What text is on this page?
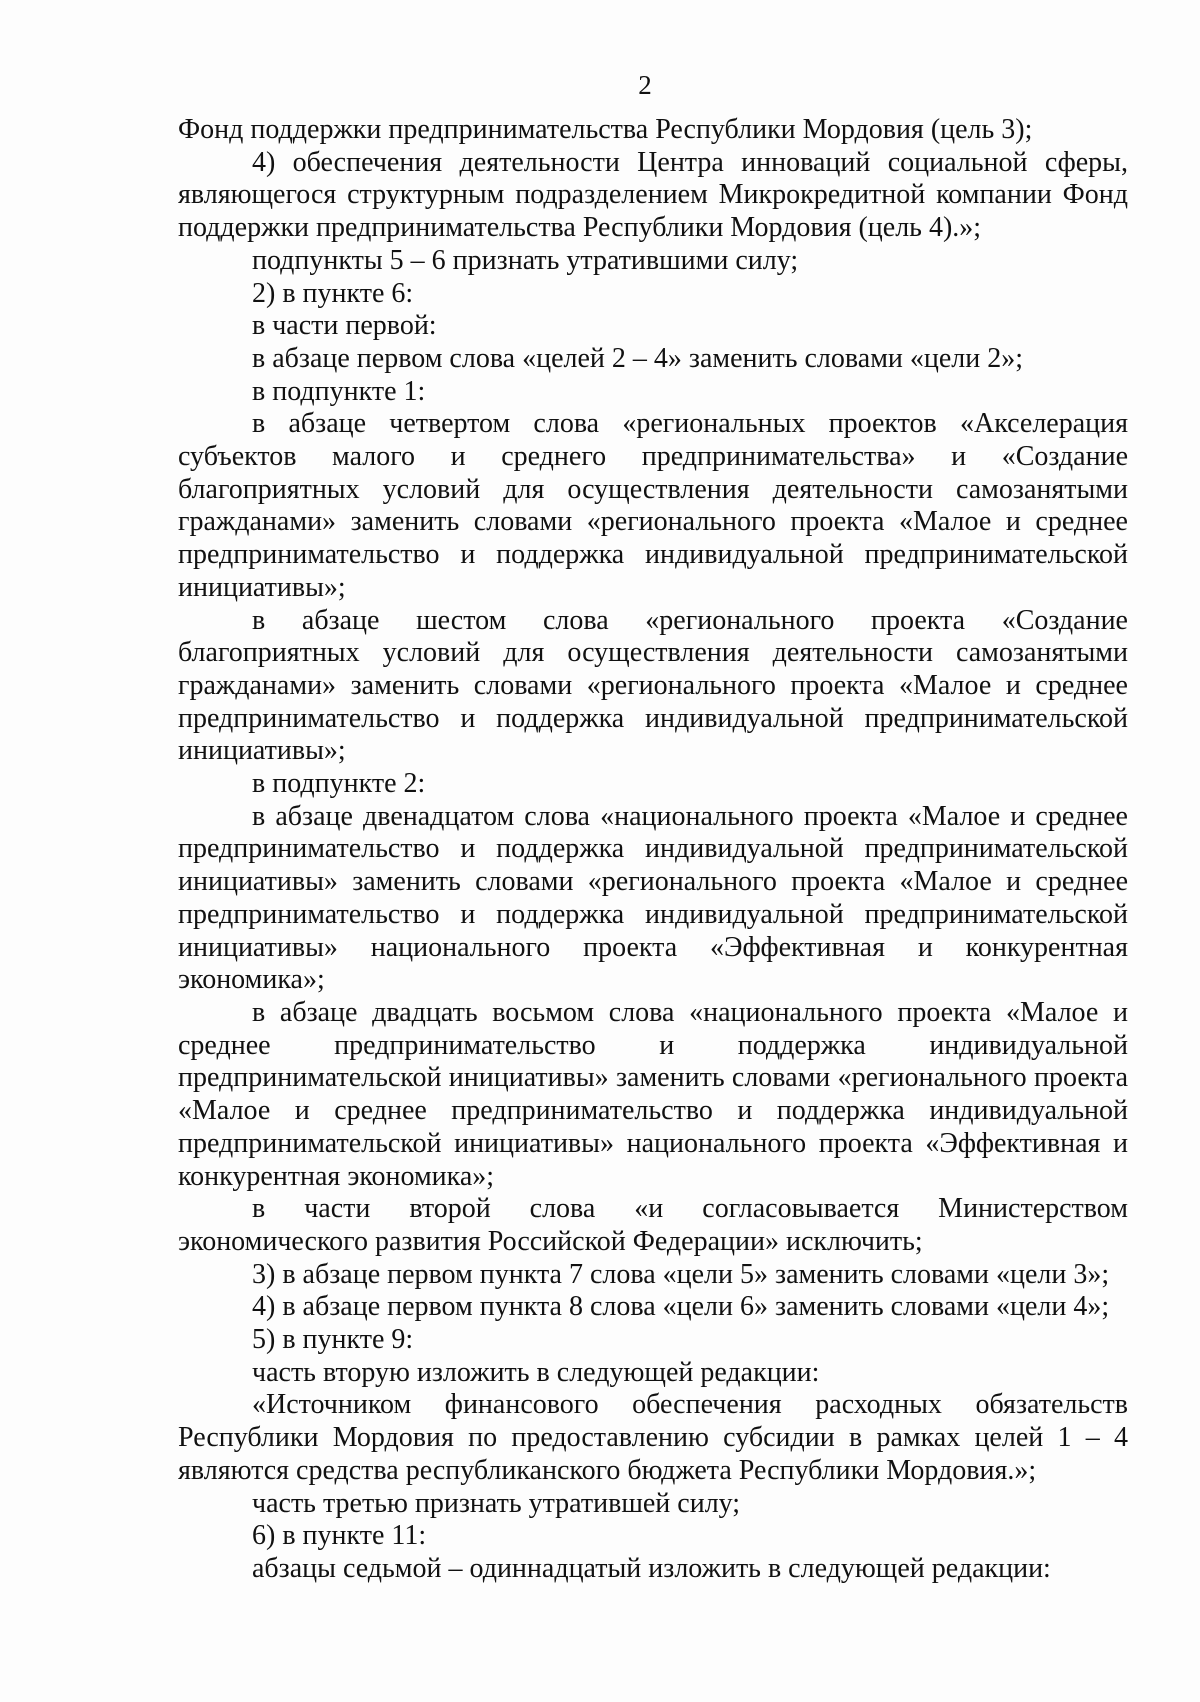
2

Фонд поддержки предпринимательства Республики Мордовия (цель 3);

4) обеспечения деятельности Центра инноваций социальной сферы, являющегося структурным подразделением Микрокредитной компании Фонд поддержки предпринимательства Республики Мордовия (цель 4).»;

подпункты 5 – 6 признать утратившими силу;

2) в пункте 6:

в части первой:

в абзаце первом слова «целей 2 – 4» заменить словами «цели 2»;

в подпункте 1:

в абзаце четвертом слова «региональных проектов «Акселерация субъектов малого и среднего предпринимательства» и «Создание благоприятных условий для осуществления деятельности самозанятыми гражданами» заменить словами «регионального проекта «Малое и среднее предпринимательство и поддержка индивидуальной предпринимательской инициативы»;

в абзаце шестом слова «регионального проекта «Создание благоприятных условий для осуществления деятельности самозанятыми гражданами» заменить словами «регионального проекта «Малое и среднее предпринимательство и поддержка индивидуальной предпринимательской инициативы»;

в подпункте 2:

в абзаце двенадцатом слова «национального проекта «Малое и среднее предпринимательство и поддержка индивидуальной предпринимательской инициативы» заменить словами «регионального проекта «Малое и среднее предпринимательство и поддержка индивидуальной предпринимательской инициативы» национального проекта «Эффективная и конкурентная экономика»;

в абзаце двадцать восьмом слова «национального проекта «Малое и среднее предпринимательство и поддержка индивидуальной предпринимательской инициативы» заменить словами «регионального проекта «Малое и среднее предпринимательство и поддержка индивидуальной предпринимательской инициативы» национального проекта «Эффективная и конкурентная экономика»;

в части второй слова «и согласовывается Министерством экономического развития Российской Федерации» исключить;

3) в абзаце первом пункта 7 слова «цели 5» заменить словами «цели 3»;

4) в абзаце первом пункта 8 слова «цели 6» заменить словами «цели 4»;

5) в пункте 9:

часть вторую изложить в следующей редакции:

«Источником финансового обеспечения расходных обязательств Республики Мордовия по предоставлению субсидии в рамках целей 1 – 4 являются средства республиканского бюджета Республики Мордовия.»;

часть третью признать утратившей силу;

6) в пункте 11:

абзацы седьмой – одиннадцатый изложить в следующей редакции:
